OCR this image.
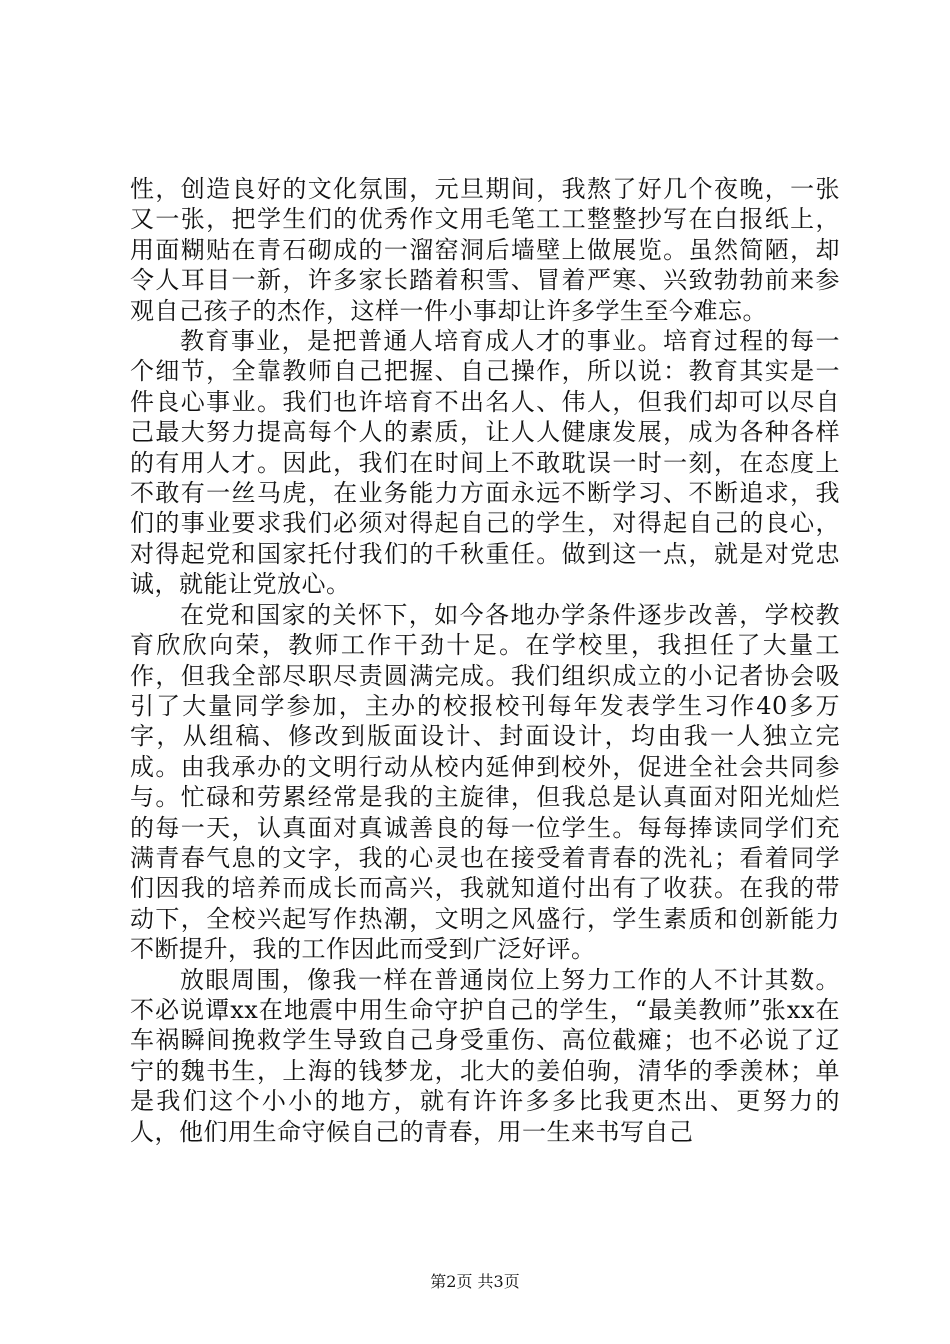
性，创造良好的文化氛围，元旦期间，我熬了好几个夜晚，一张又一张，把学生们的优秀作文用毛笔工工整整抄写在白报纸上，用面糊贴在青石砌成的一溜窑洞后墙壁上做展览。虽然简陋，却令人耳目一新，许多家长踏着积雪、冒着严寒、兴致勃勃前来参观自己孩子的杰作，这样一件小事却让许多学生至今难忘。

教育事业，是把普通人培育成人才的事业。培育过程的每一个细节，全靠教师自己把握、自己操作，所以说：教育其实是一件良心事业。我们也许培育不出名人、伟人，但我们却可以尽自己最大努力提高每个人的素质，让人人健康发展，成为各种各样的有用人才。因此，我们在时间上不敢耽误一时一刻，在态度上不敢有一丝马虎，在业务能力方面永远不断学习、不断追求，我们的事业要求我们必须对得起自己的学生，对得起自己的良心，对得起党和国家托付我们的千秋重任。做到这一点，就是对党忠诚，就能让党放心。

在党和国家的关怀下，如今各地办学条件逐步改善，学校教育欣欣向荣，教师工作干劲十足。在学校里，我担任了大量工作，但我全部尽职尽责圆满完成。我们组织成立的小记者协会吸引了大量同学参加，主办的校报校刊每年发表学生习作40多万字，从组稿、修改到版面设计、封面设计，均由我一人独立完成。由我承办的文明行动从校内延伸到校外，促进全社会共同参与。忙碌和劳累经常是我的主旋律，但我总是认真面对阳光灿烂的每一天，认真面对真诚善良的每一位学生。每每捧读同学们充满青春气息的文字，我的心灵也在接受着青春的洗礼；看着同学们因我的培养而成长而高兴，我就知道付出有了收获。在我的带动下，全校兴起写作热潮，文明之风盛行，学生素质和创新能力不断提升，我的工作因此而受到广泛好评。

放眼周围，像我一样在普通岗位上努力工作的人不计其数。不必说谭xx在地震中用生命守护自己的学生，“最美教师”张xx在车祸瞬间挽救学生导致自己身受重伤、高位截瘫；也不必说了辽宁的魏书生，上海的钱梦龙，北大的姜伯驹，清华的季羡林；单是我们这个小小的地方，就有许许多多比我更杰出、更努力的人，他们用生命守候自己的青春，用一生来书写自己

第2页 共3页
